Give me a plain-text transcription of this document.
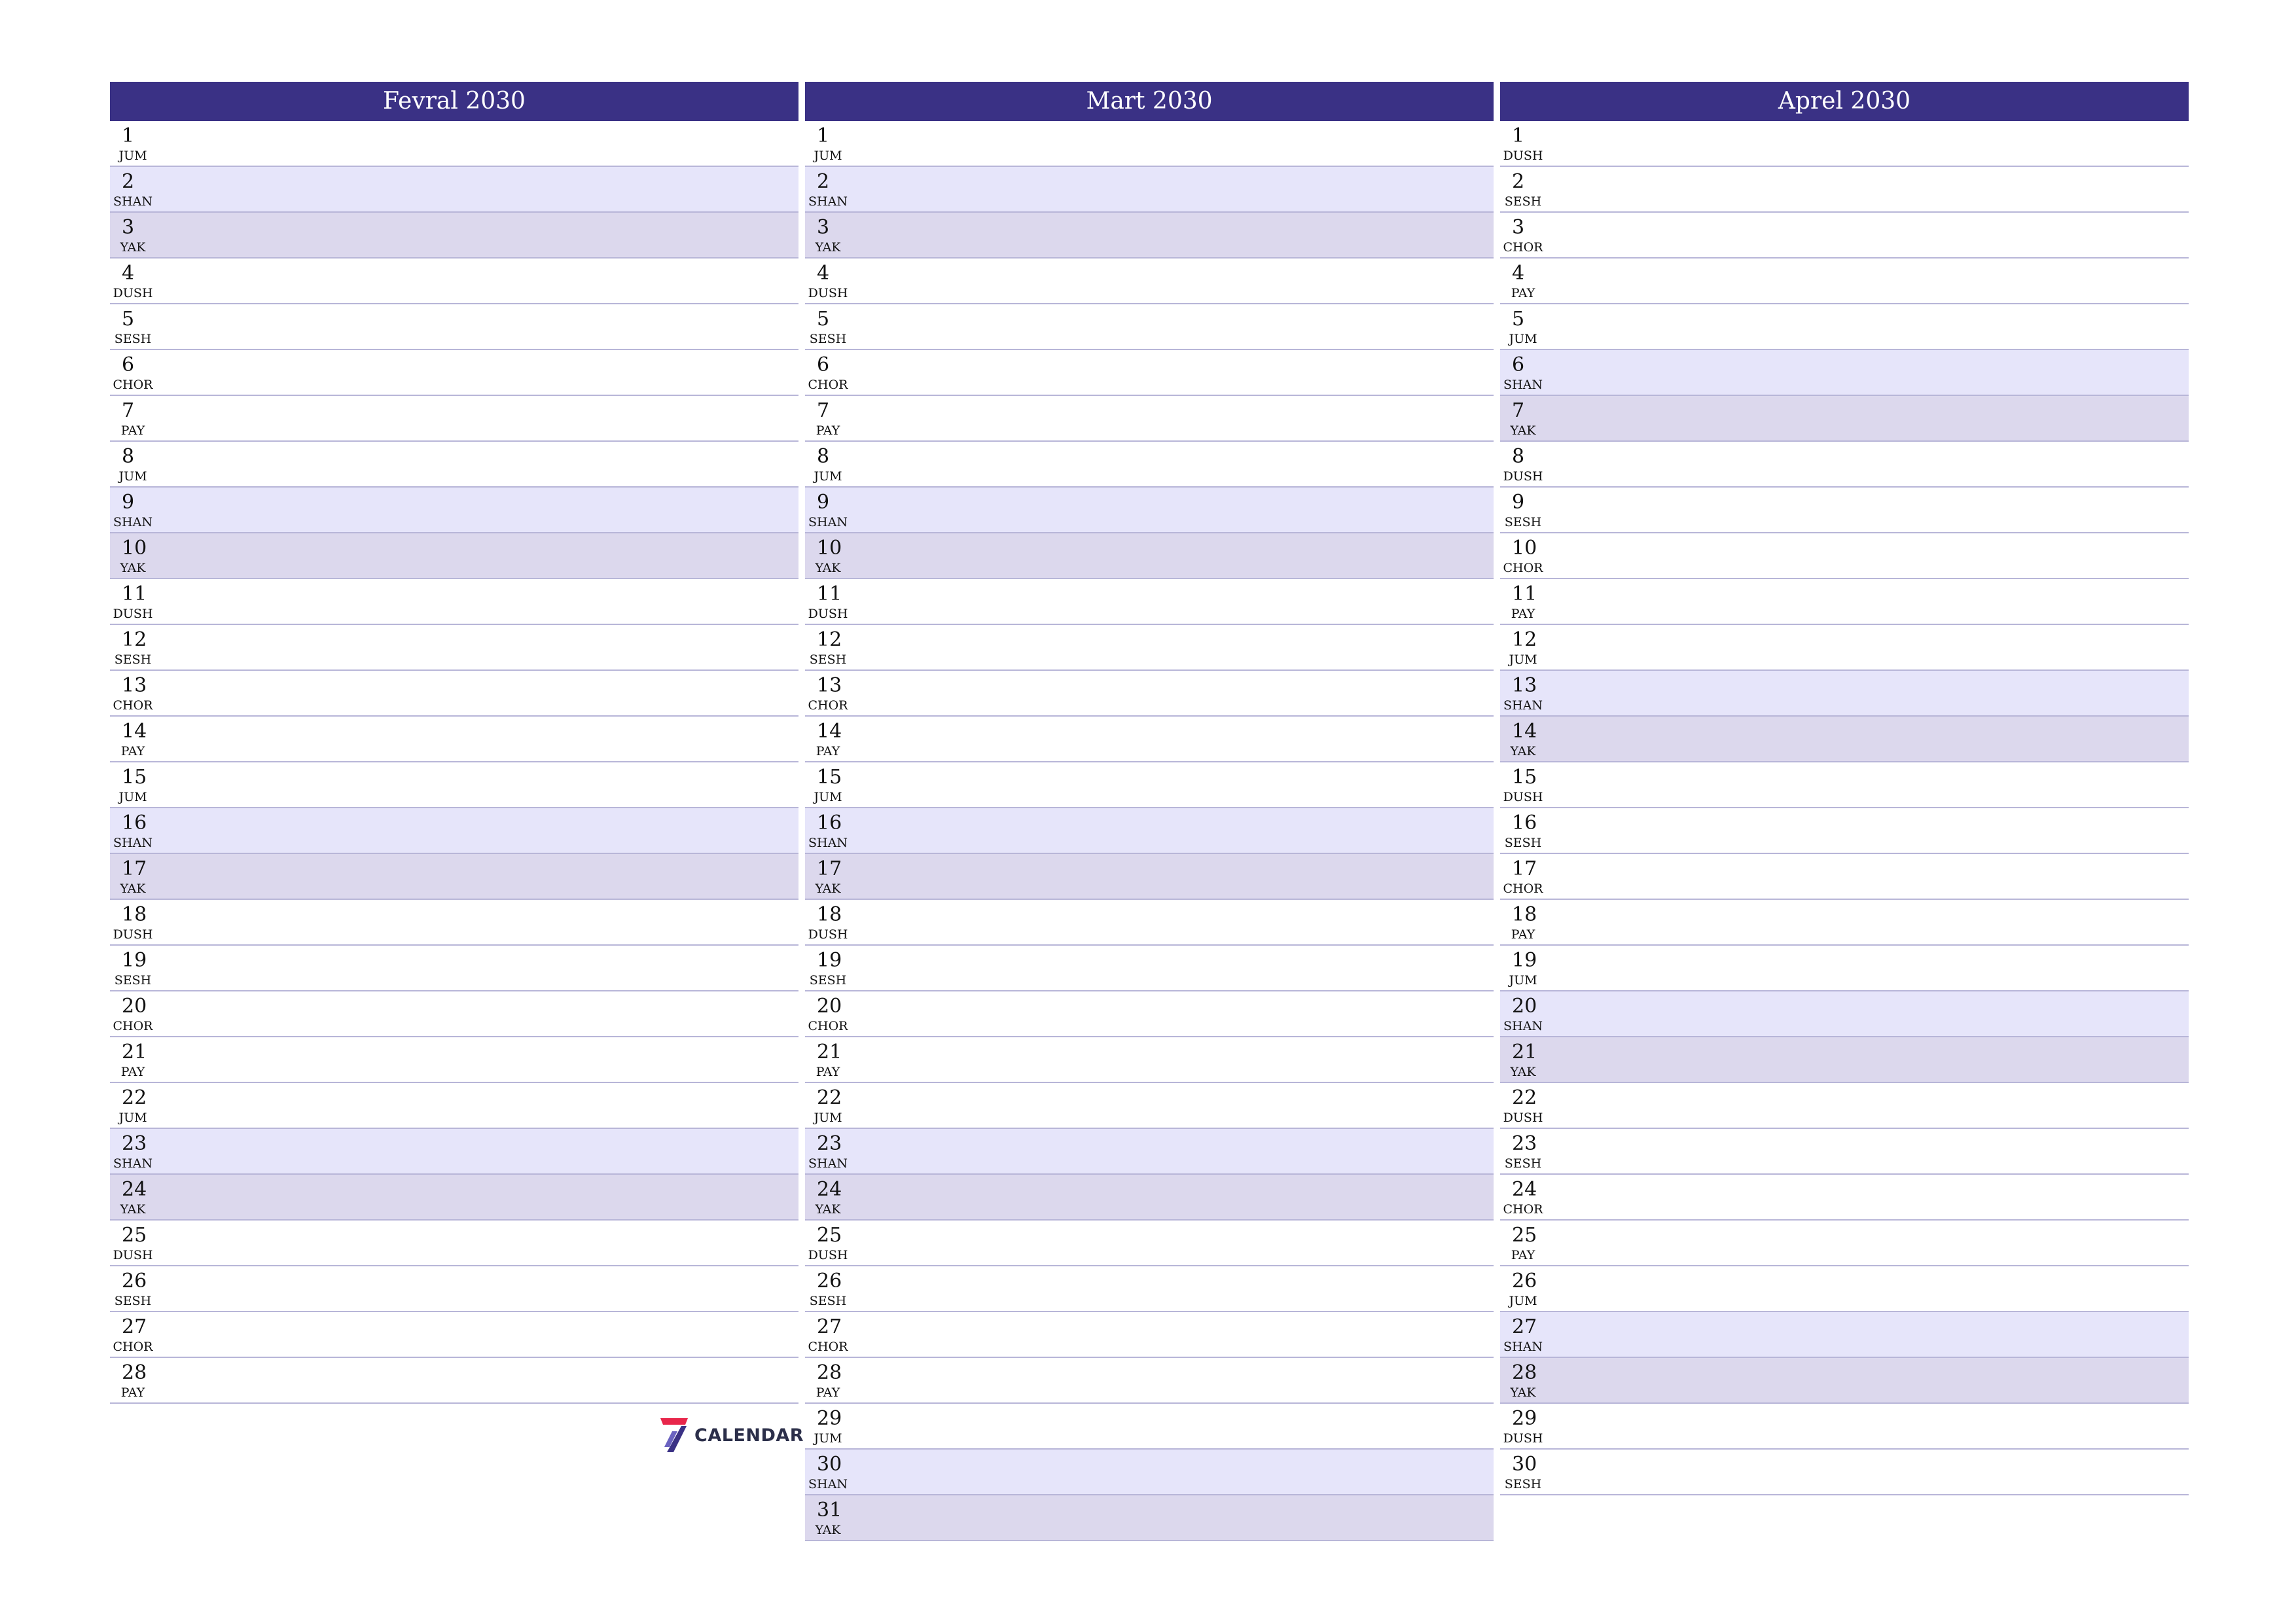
Fevral 2030
1
JUM
2
SHAN
3
YAK
4
DUSH
5
SESH
6
CHOR
7
PAY
8
JUM
9
SHAN
10
YAK
11
DUSH
12
SESH
13
CHOR
14
PAY
15
JUM
16
SHAN
17
YAK
18
DUSH
19
SESH
20
CHOR
21
PAY
22
JUM
23
SHAN
24
YAK
25
DUSH
26
SESH
27
CHOR
28
PAY
Mart 2030
1
JUM
2
SHAN
3
YAK
4
DUSH
5
SESH
6
CHOR
7
PAY
8
JUM
9
SHAN
10
YAK
11
DUSH
12
SESH
13
CHOR
14
PAY
15
JUM
16
SHAN
17
YAK
18
DUSH
19
SESH
20
CHOR
21
PAY
22
JUM
23
SHAN
24
YAK
25
DUSH
26
SESH
27
CHOR
28
PAY
29
JUM
30
SHAN
31
YAK
Aprel 2030
1
DUSH
2
SESH
3
CHOR
4
PAY
5
JUM
6
SHAN
7
YAK
8
DUSH
9
SESH
10
CHOR
11
PAY
12
JUM
13
SHAN
14
YAK
15
DUSH
16
SESH
17
CHOR
18
PAY
19
JUM
20
SHAN
21
YAK
22
DUSH
23
SESH
24
CHOR
25
PAY
26
JUM
27
SHAN
28
YAK
29
DUSH
30
SESH
CALENDAR
